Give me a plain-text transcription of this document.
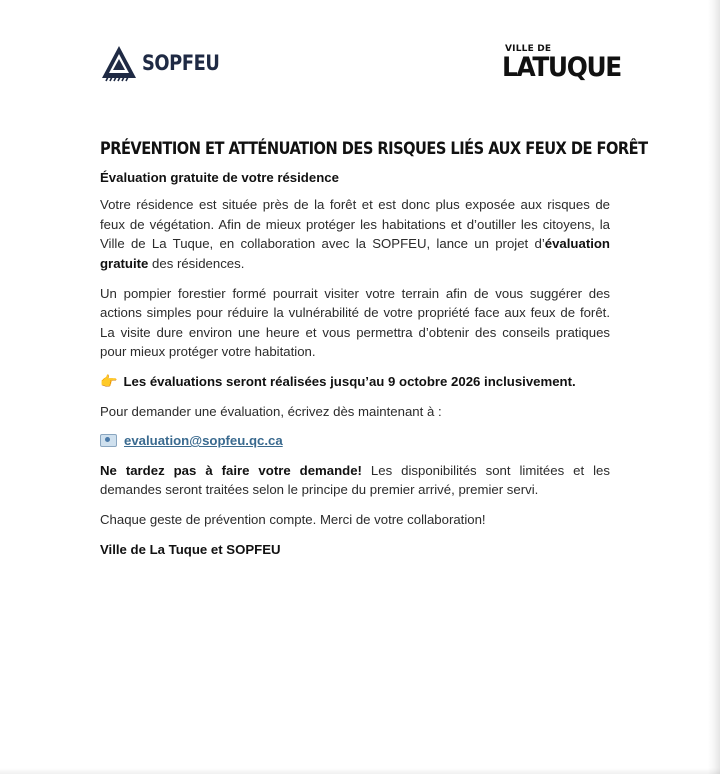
SOPFEU
VILLE DE
LATUQUE
PRÉVENTION ET ATTÉNUATION DES RISQUES LIÉS AUX FEUX DE FORÊT
Évaluation gratuite de votre résidence

Votre résidence est située près de la forêt et est donc plus exposée aux risques de feux de végétation. Afin de mieux protéger les habitations et d’outiller les citoyens, la Ville de La Tuque, en collaboration avec la SOPFEU, lance un projet d’évaluation gratuite des résidences.

Un pompier forestier formé pourrait visiter votre terrain afin de vous suggérer des actions simples pour réduire la vulnérabilité de votre propriété face aux feux de forêt. La visite dure environ une heure et vous permettra d’obtenir des conseils pratiques pour mieux protéger votre habitation.

👉 Les évaluations seront réalisées jusqu’au 9 octobre 2026 inclusivement.

Pour demander une évaluation, écrivez dès maintenant à :

evaluation@sopfeu.qc.ca

Ne tardez pas à faire votre demande! Les disponibilités sont limitées et les demandes seront traitées selon le principe du premier arrivé, premier servi.

Chaque geste de prévention compte. Merci de votre collaboration!

Ville de La Tuque et SOPFEU
